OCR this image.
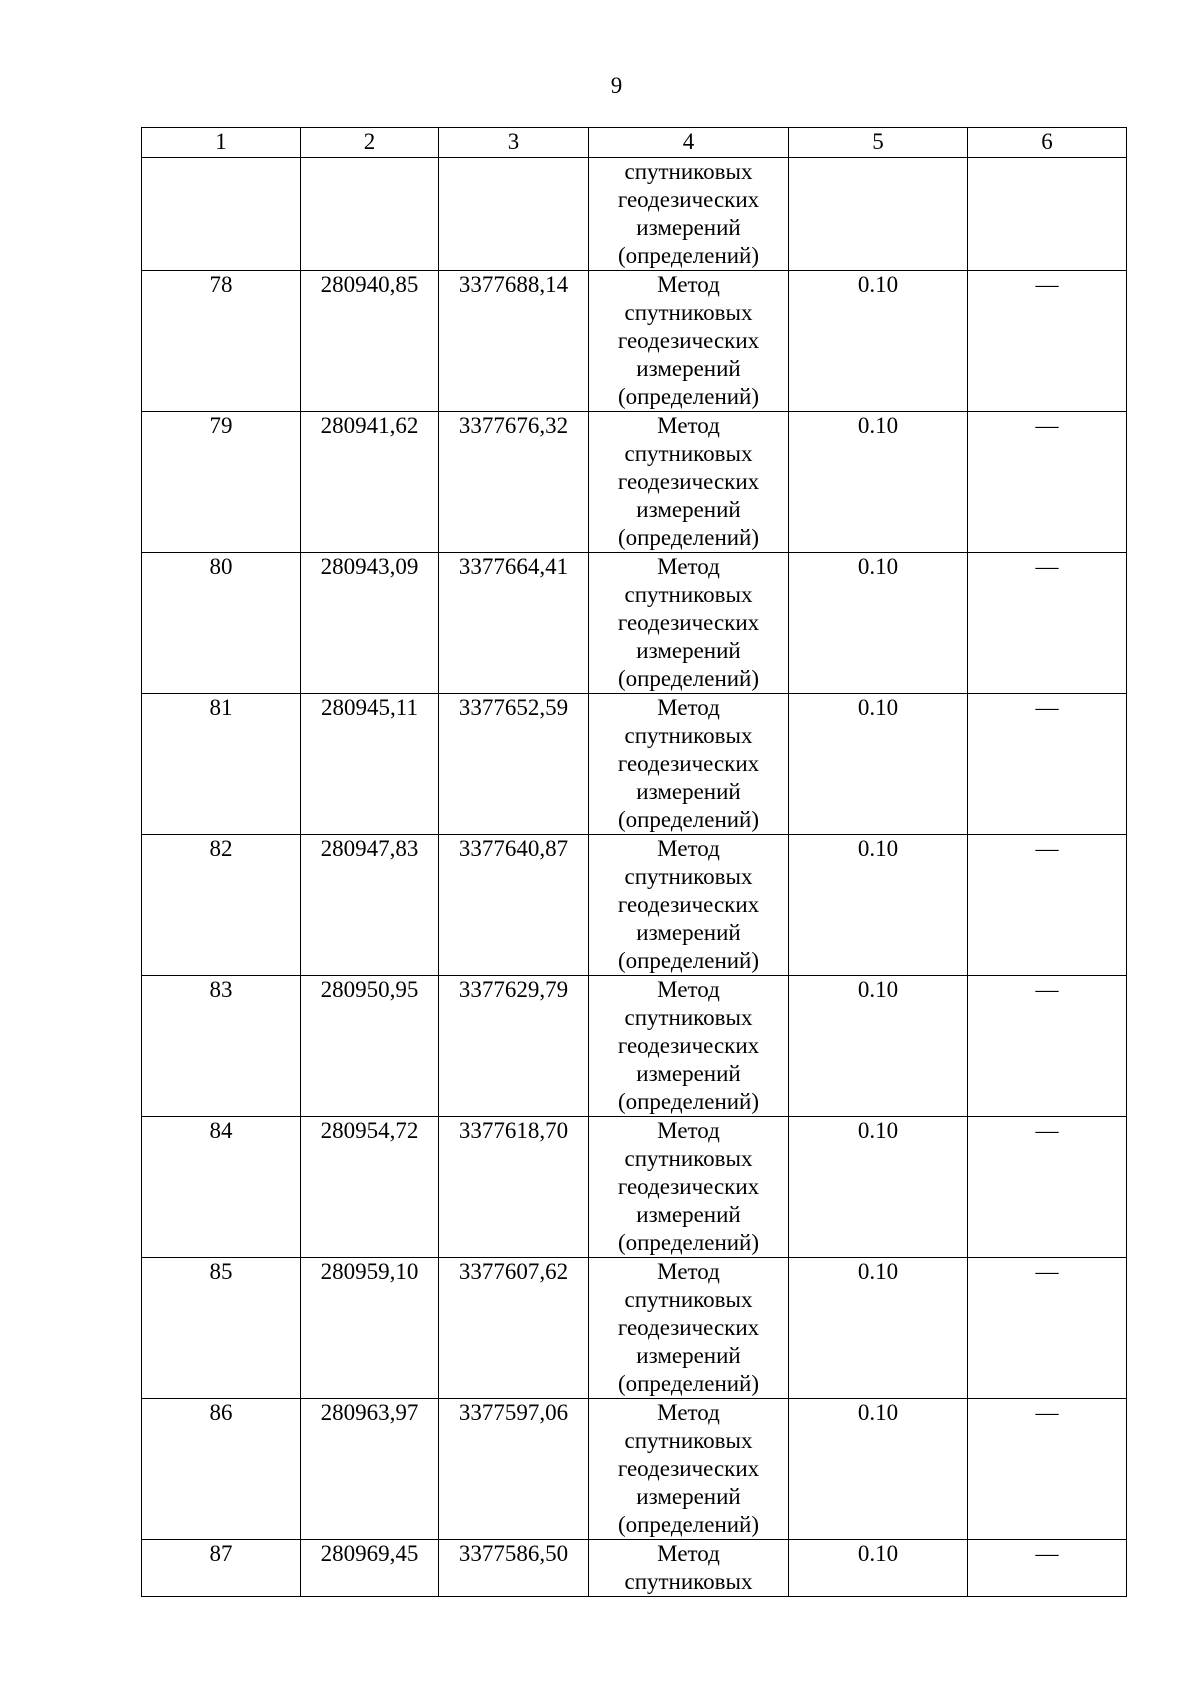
9
1	2	3	4	5	6

			спутниковых
геодезических
измерений
(определений)		

78	280940,85	3377688,14	Метод
спутниковых
геодезических
измерений
(определений)	0.10	—
79	280941,62	3377676,32	Метод
спутниковых
геодезических
измерений
(определений)	0.10	—
80	280943,09	3377664,41	Метод
спутниковых
геодезических
измерений
(определений)	0.10	—
81	280945,11	3377652,59	Метод
спутниковых
геодезических
измерений
(определений)	0.10	—
82	280947,83	3377640,87	Метод
спутниковых
геодезических
измерений
(определений)	0.10	—
83	280950,95	3377629,79	Метод
спутниковых
геодезических
измерений
(определений)	0.10	—
84	280954,72	3377618,70	Метод
спутниковых
геодезических
измерений
(определений)	0.10	—
85	280959,10	3377607,62	Метод
спутниковых
геодезических
измерений
(определений)	0.10	—
86	280963,97	3377597,06	Метод
спутниковых
геодезических
измерений
(определений)	0.10	—
87	280969,45	3377586,50	Метод
спутниковых	0.10	—
